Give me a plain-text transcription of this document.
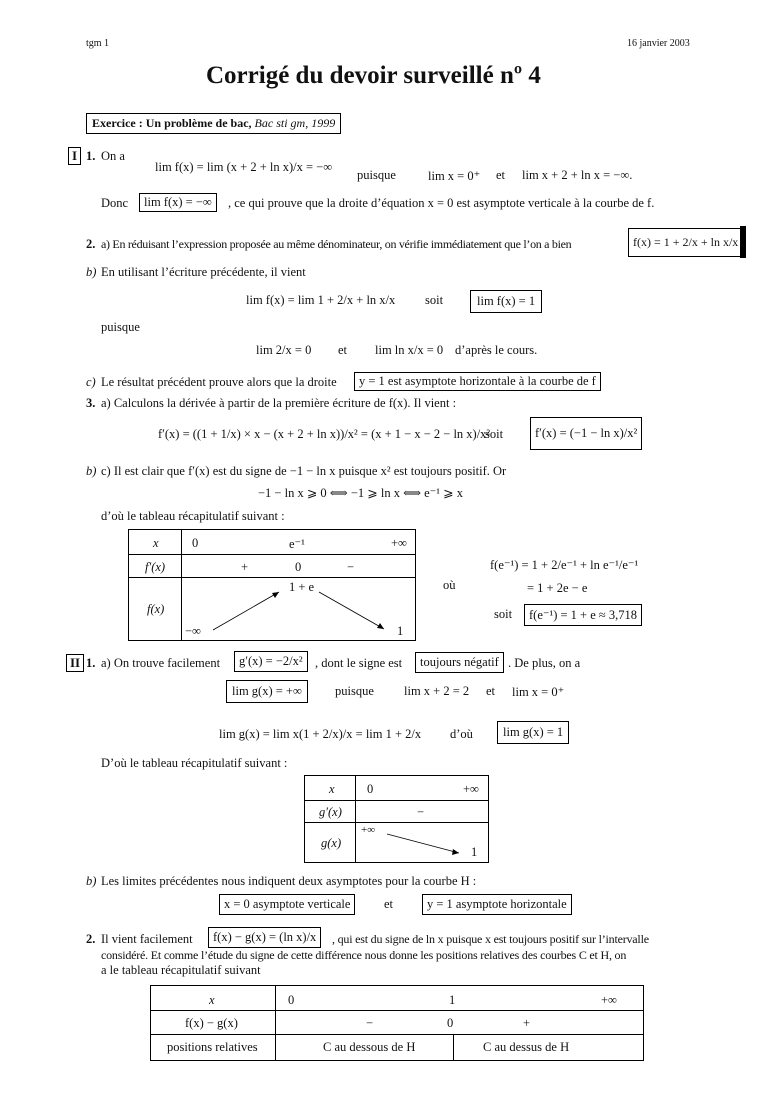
tgm 1	16 janvier 2003
Corrigé du devoir surveillé nº 4
Exercice : Un problème de bac, Bac sti gm, 1999
I 1. On a
lim f(x) = lim (x + 2 + ln x)/x = −∞
puisque	lim x = 0⁺ et lim x + 2 + ln x = −∞.
Donc	lim f(x) = −∞	, ce qui prouve que la droite d’équation x = 0 est asymptote verticale à la courbe de f.
2. a) En réduisant l’expression proposée au même dénominateur, on vérifie immédiatement que l’on a bien	f(x) = 1 + 2/x + ln x/x
b) En utilisant l’écriture précédente, il vient
lim f(x) = lim 1 + 2/x + ln x/x soit	lim f(x) = 1
puisque
lim 2/x = 0 et lim ln x/x = 0 d’après le cours.
c) Le résultat précédent prouve alors que la droite	y = 1 est asymptote horizontale à la courbe de f
3. a) Calculons la dérivée à partir de la première écriture de f(x). Il vient :
f′(x) = ((1 + 1/x) × x − (x + 2 + ln x))/x² = (x + 1 − x − 2 − ln x)/x²
soit	f′(x) = (−1 − ln x)/x²
b) c) Il est clair que f′(x) est du signe de −1 − ln x puisque x² est toujours positif. Or
−1 − ln x ⩾ 0 ⟺ −1 ⩾ ln x ⟺ e⁻¹ ⩾ x
d’où le tableau récapitulatif suivant :
x	0	e⁻¹	+∞
f′(x)	+	0	−
f(x)
1 + e
−∞	1
où
f(e⁻¹) = 1 + 2/e⁻¹ + ln e⁻¹/e⁻¹
= 1 + 2e − e
soit	f(e⁻¹) = 1 + e ≈ 3,718
II 1. a) On trouve facilement	g′(x) = −2/x² , dont le signe est	toujours négatif . De plus, on a
lim g(x) = +∞	puisque lim x + 2 = 2 et lim x = 0⁺
lim g(x) = lim x(1 + 2/x)/x = lim 1 + 2/x d’où	lim g(x) = 1
D’où le tableau récapitulatif suivant :
x	0	+∞
g′(x)	−
g(x)
+∞
1
b) Les limites précédentes nous indiquent deux asymptotes pour la courbe H :
x = 0 asymptote verticale	et	y = 1 asymptote horizontale
2. Il vient facilement	f(x) − g(x) = (ln x)/x	, qui est du signe de ln x puisque x est toujours positif sur l’intervalle
considéré. Et comme l’étude du signe de cette différence nous donne les positions relatives des courbes C et H, on
a le tableau récapitulatif suivant
x	0	1	+∞
f(x) − g(x)	−	0	+
positions relatives	C au dessous de H	C au dessus de H
